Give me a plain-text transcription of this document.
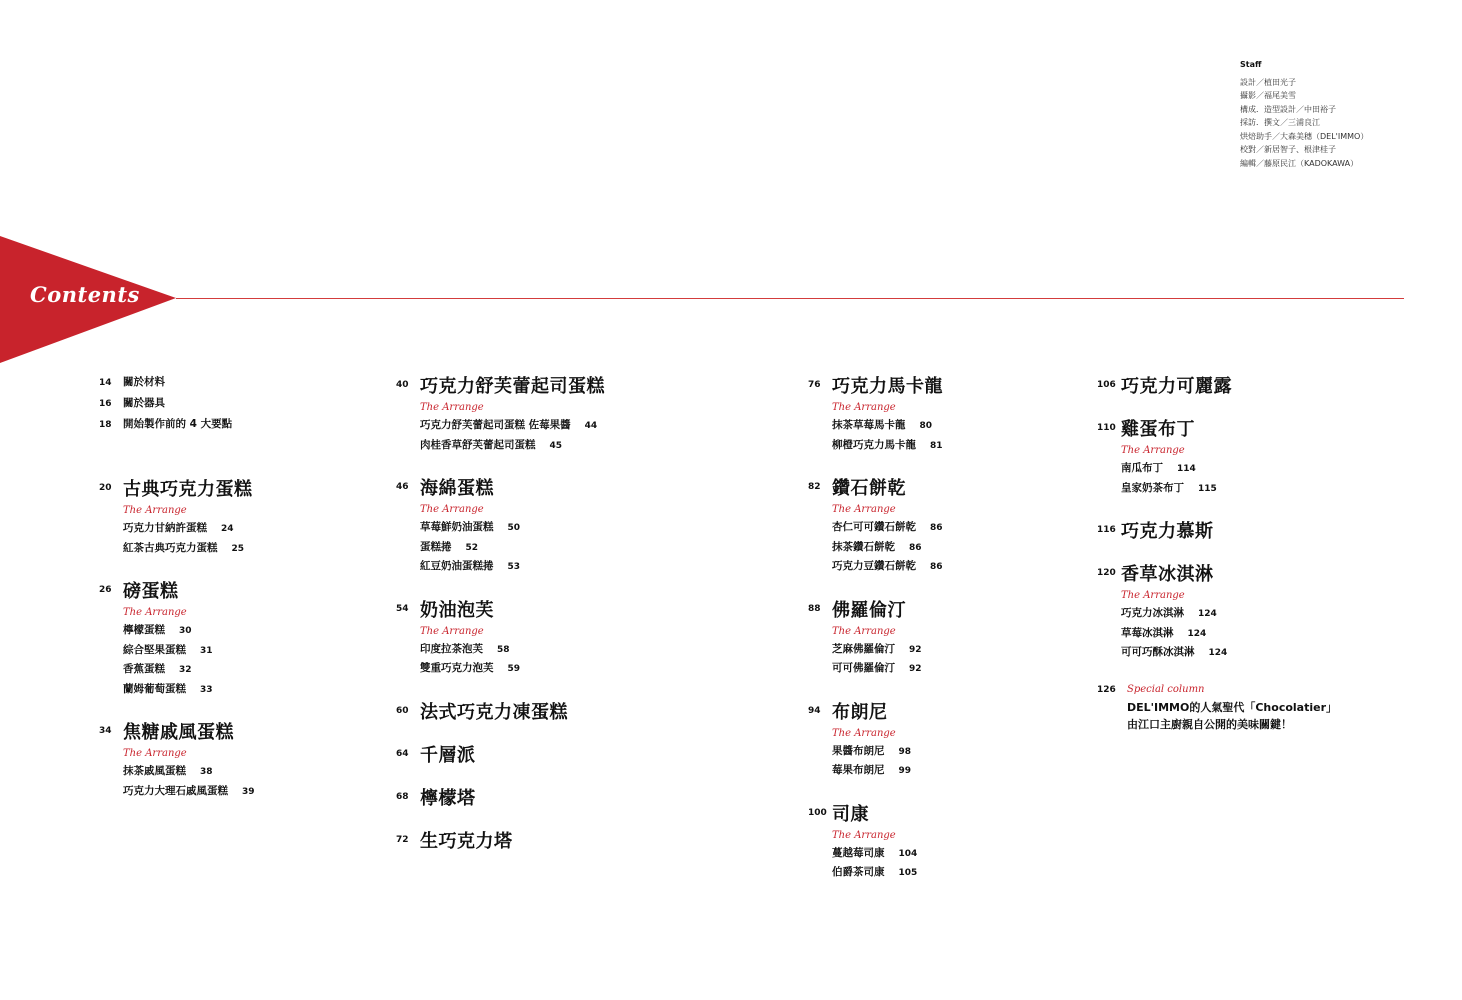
Staff
設計／植田光子
攝影／福尾美雪
構成．造型設計／中田裕子
採訪．撰文／三浦良江
烘焙助手／大森美穗（DEL'IMMO）
校對／新居智子、根津桂子
編輯／藤原民江（KADOKAWA）
Contents
14	關於材料
16	關於器具
18	開始製作前的 4 大要點
20 古典巧克力蛋糕
The Arrange
巧克力甘納許蛋糕 24
紅茶古典巧克力蛋糕 25
26 磅蛋糕
The Arrange
檸檬蛋糕 30
綜合堅果蛋糕 31
香蕉蛋糕 32
蘭姆葡萄蛋糕 33
34 焦糖戚風蛋糕
The Arrange
抹茶戚風蛋糕 38
巧克力大理石戚風蛋糕 39
40 巧克力舒芙蕾起司蛋糕
The Arrange
巧克力舒芙蕾起司蛋糕 佐莓果醬 44
肉桂香草舒芙蕾起司蛋糕 45
46 海綿蛋糕
The Arrange
草莓鮮奶油蛋糕 50
蛋糕捲 52
紅豆奶油蛋糕捲 53
54 奶油泡芙
The Arrange
印度拉茶泡芙 58
雙重巧克力泡芙 59
60 法式巧克力凍蛋糕
64 千層派
68 檸檬塔
72 生巧克力塔
76 巧克力馬卡龍
The Arrange
抹茶草莓馬卡龍 80
柳橙巧克力馬卡龍 81
82 鑽石餅乾
The Arrange
杏仁可可鑽石餅乾 86
抹茶鑽石餅乾 86
巧克力豆鑽石餅乾 86
88 佛羅倫汀
The Arrange
芝麻佛羅倫汀 92
可可佛羅倫汀 92
94 布朗尼
The Arrange
果醬布朗尼 98
莓果布朗尼 99
100 司康
The Arrange
蔓越莓司康 104
伯爵茶司康 105
106 巧克力可麗露
110 雞蛋布丁
The Arrange
南瓜布丁 114
皇家奶茶布丁 115
116 巧克力慕斯
120 香草冰淇淋
The Arrange
巧克力冰淇淋 124
草莓冰淇淋 124
可可巧酥冰淇淋 124
126	Special column
DEL'IMMO的人氣聖代「Chocolatier」
由江口主廚親自公開的美味關鍵！
